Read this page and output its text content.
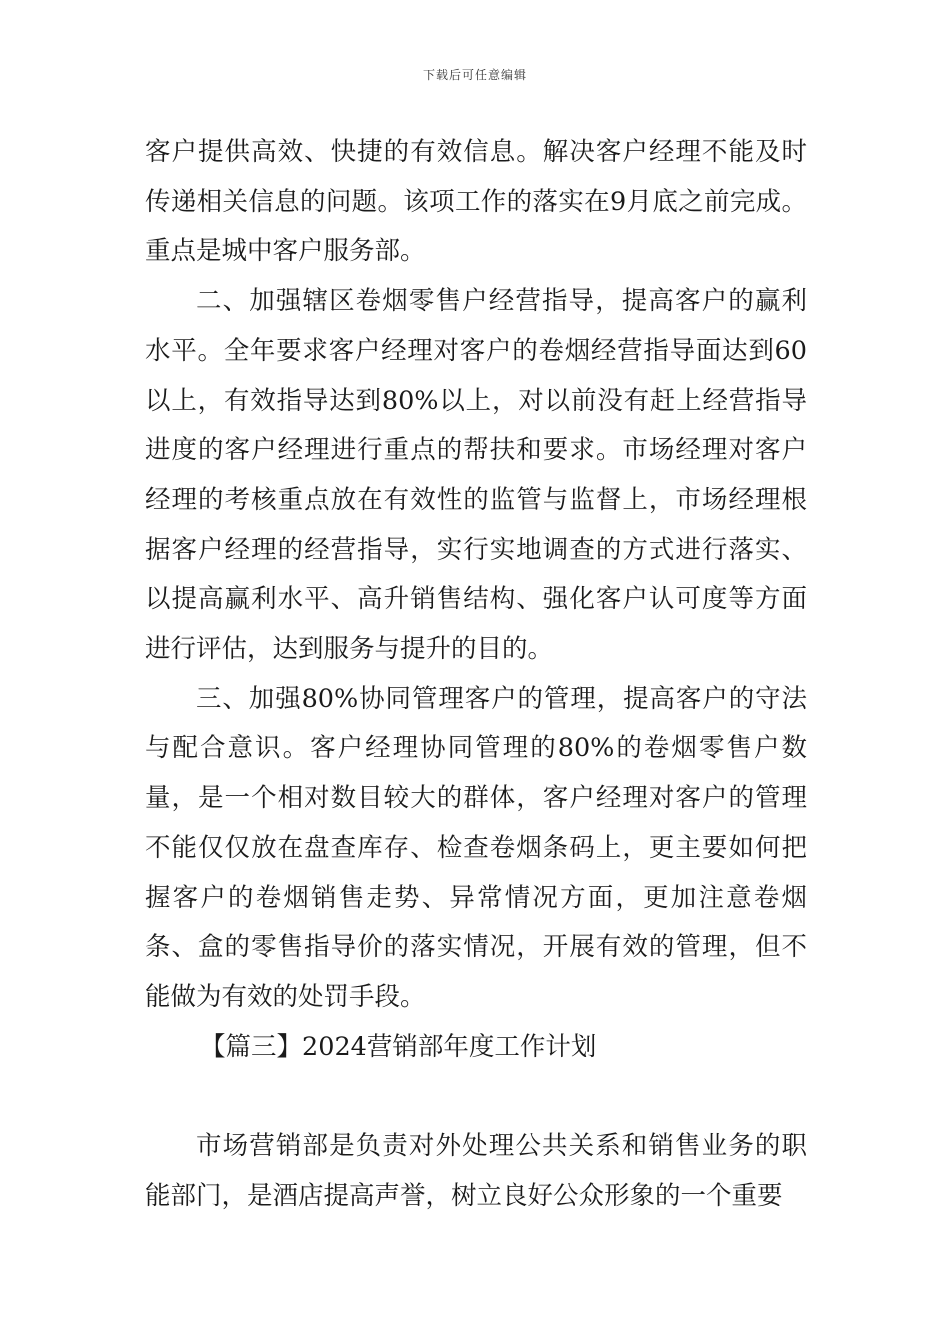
下载后可任意编辑

客户提供高效、快捷的有效信息。解决客户经理不能及时传递相关信息的问题。该项工作的落实在9月底之前完成。重点是城中客户服务部。

二、加强辖区卷烟零售户经营指导，提高客户的赢利水平。全年要求客户经理对客户的卷烟经营指导面达到60以上，有效指导达到80%以上，对以前没有赶上经营指导进度的客户经理进行重点的帮扶和要求。市场经理对客户经理的考核重点放在有效性的监管与监督上，市场经理根据客户经理的经营指导，实行实地调查的方式进行落实、以提高赢利水平、高升销售结构、强化客户认可度等方面进行评估，达到服务与提升的目的。

三、加强80%协同管理客户的管理，提高客户的守法与配合意识。客户经理协同管理的80%的卷烟零售户数量，是一个相对数目较大的群体，客户经理对客户的管理不能仅仅放在盘查库存、检查卷烟条码上，更主要如何把握客户的卷烟销售走势、异常情况方面，更加注意卷烟条、盒的零售指导价的落实情况，开展有效的管理，但不能做为有效的处罚手段。

【篇三】2024营销部年度工作计划

市场营销部是负责对外处理公共关系和销售业务的职能部门，是酒店提高声誉，树立良好公众形象的一个重要
